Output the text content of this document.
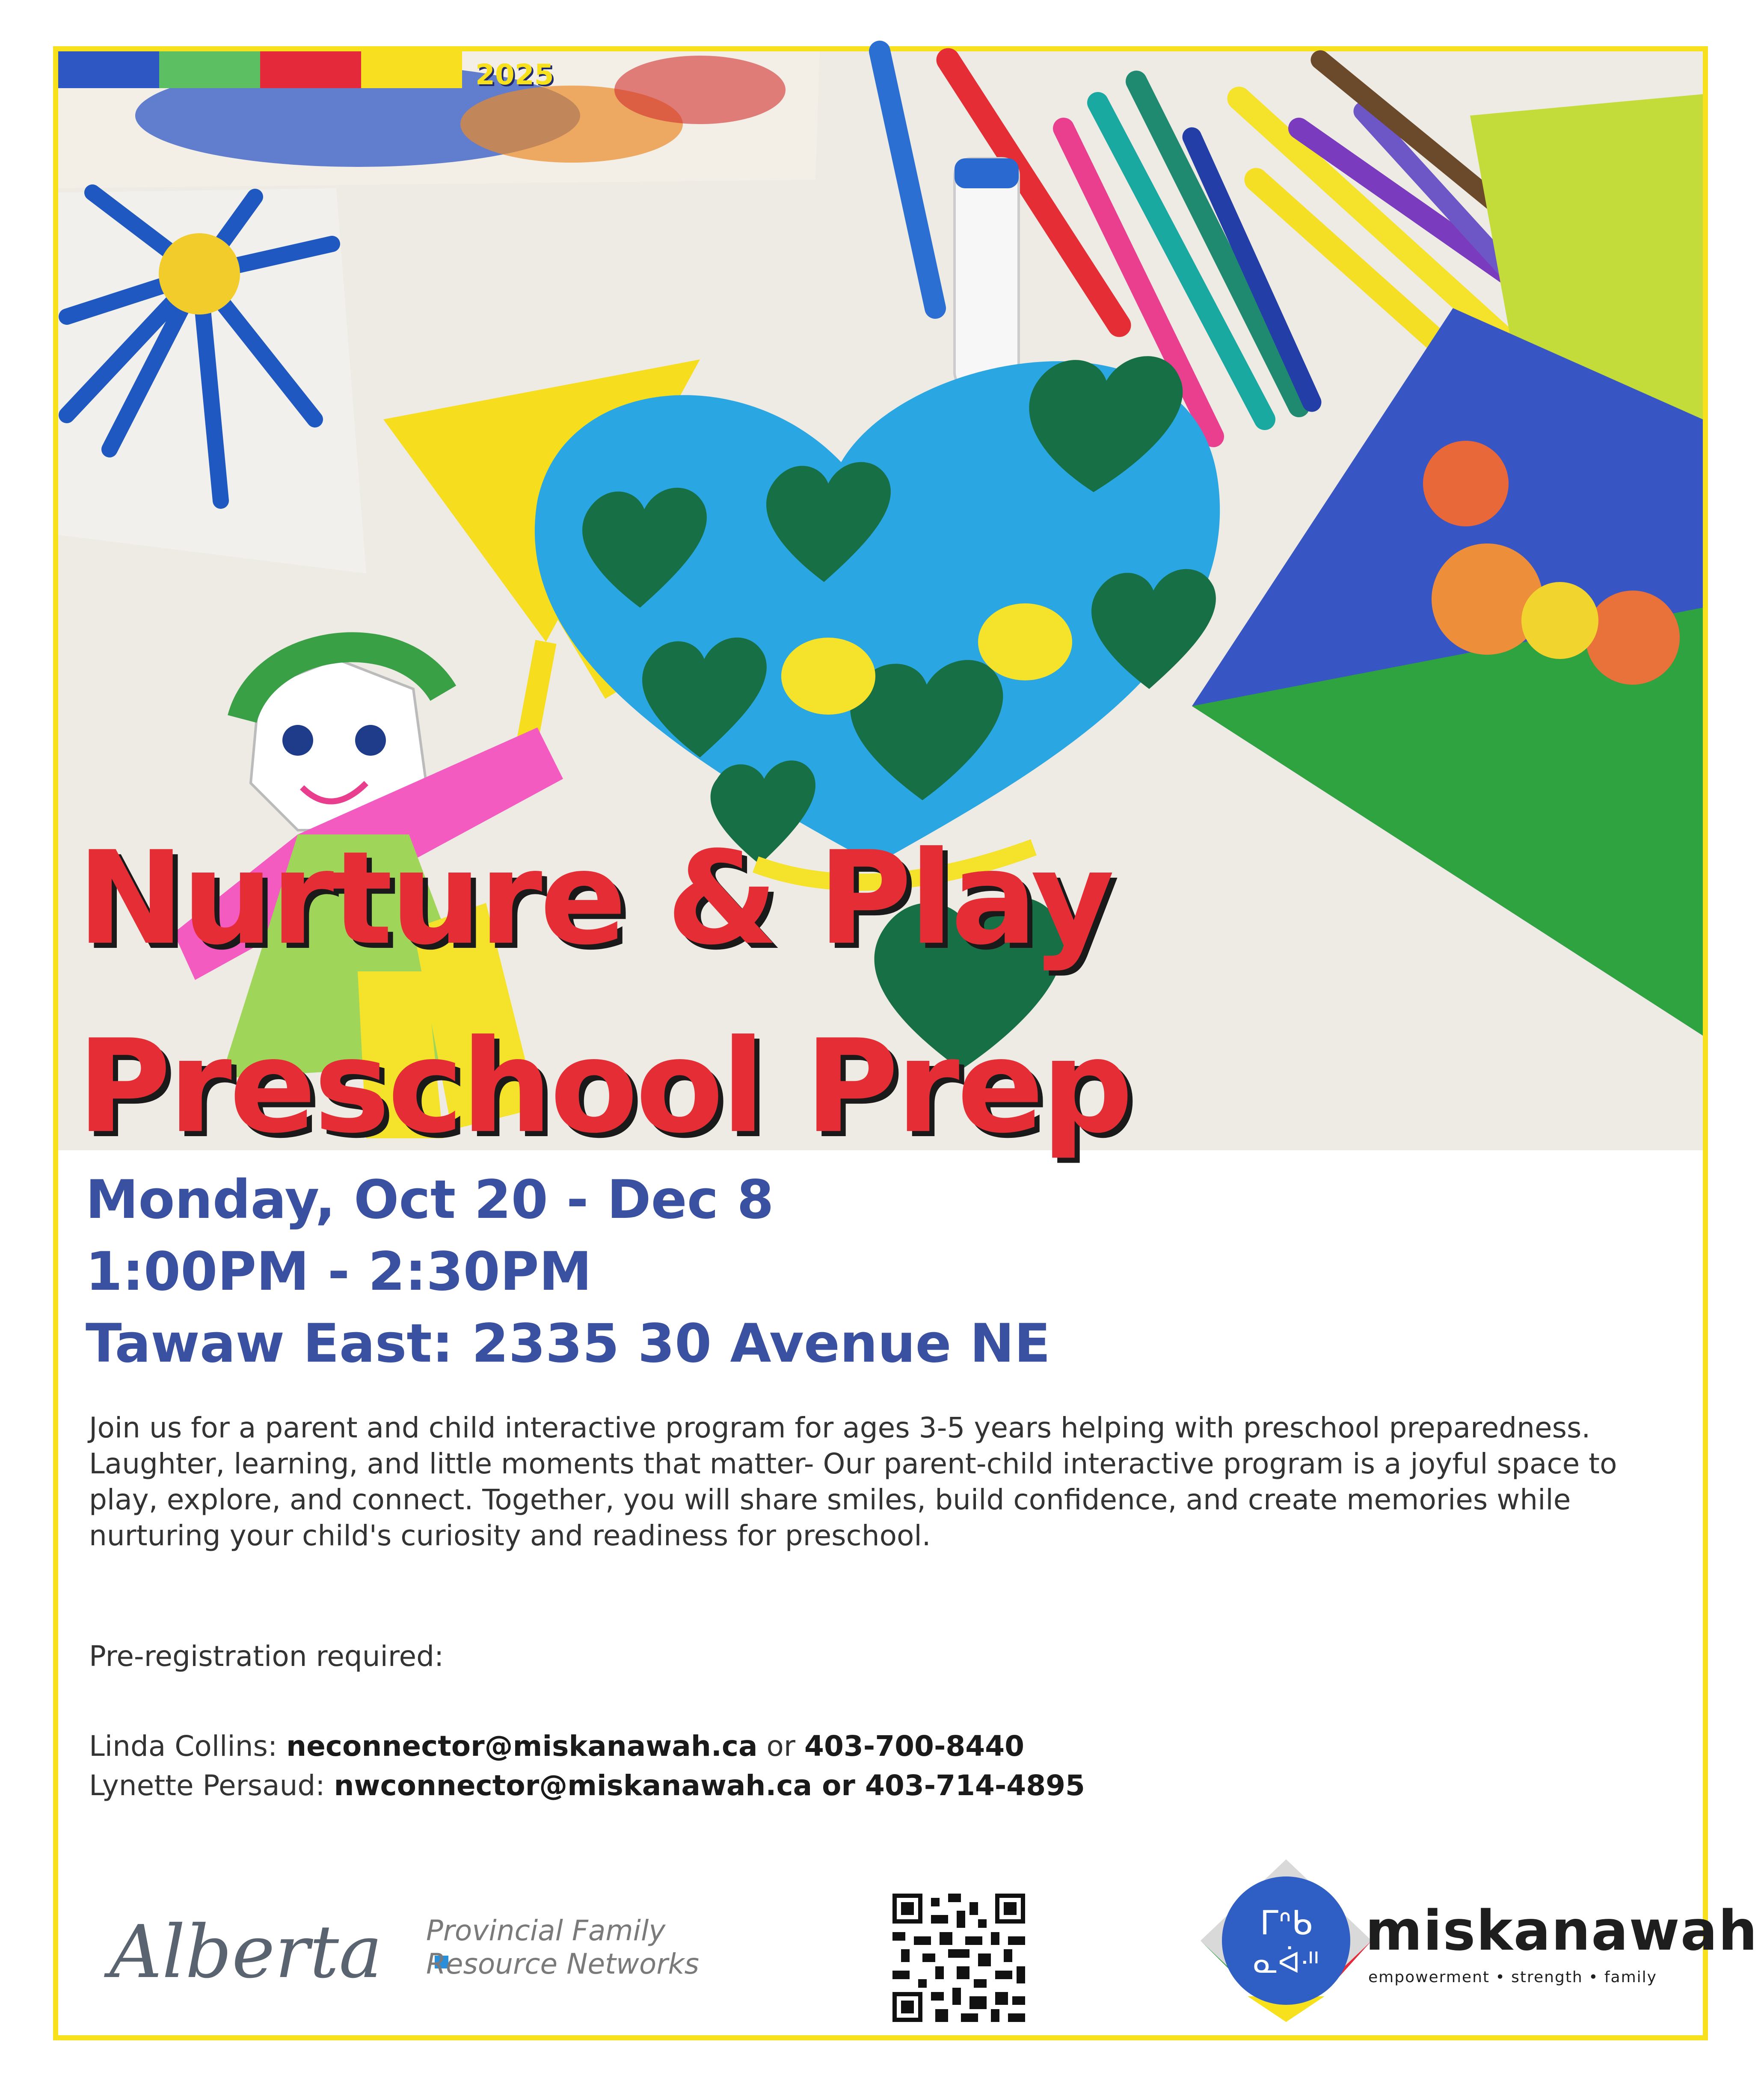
2025
Nurture & Play
Preschool Prep
Monday, Oct 20 - Dec 8
1:00PM - 2:30PM
Tawaw East: 2335 30 Avenue NE

Join us for a parent and child interactive program for ages 3-5 years helping with preschool preparedness. Laughter, learning, and little moments that matter- Our parent-child interactive program is a joyful space to play, explore, and connect. Together, you will share smiles, build confidence, and create memories while nurturing your child's curiosity and readiness for preschool.

Pre-registration required:
Linda Collins: neconnector@miskanawah.ca or 403-700-8440
Lynette Persaud: nwconnector@miskanawah.ca or 403-714-4895
Alberta Provincial Family
Resource Networks
ᒥᐢᑲ
ᓇᐋᐧᐦ
miskanawah
empowerment • strength • family
